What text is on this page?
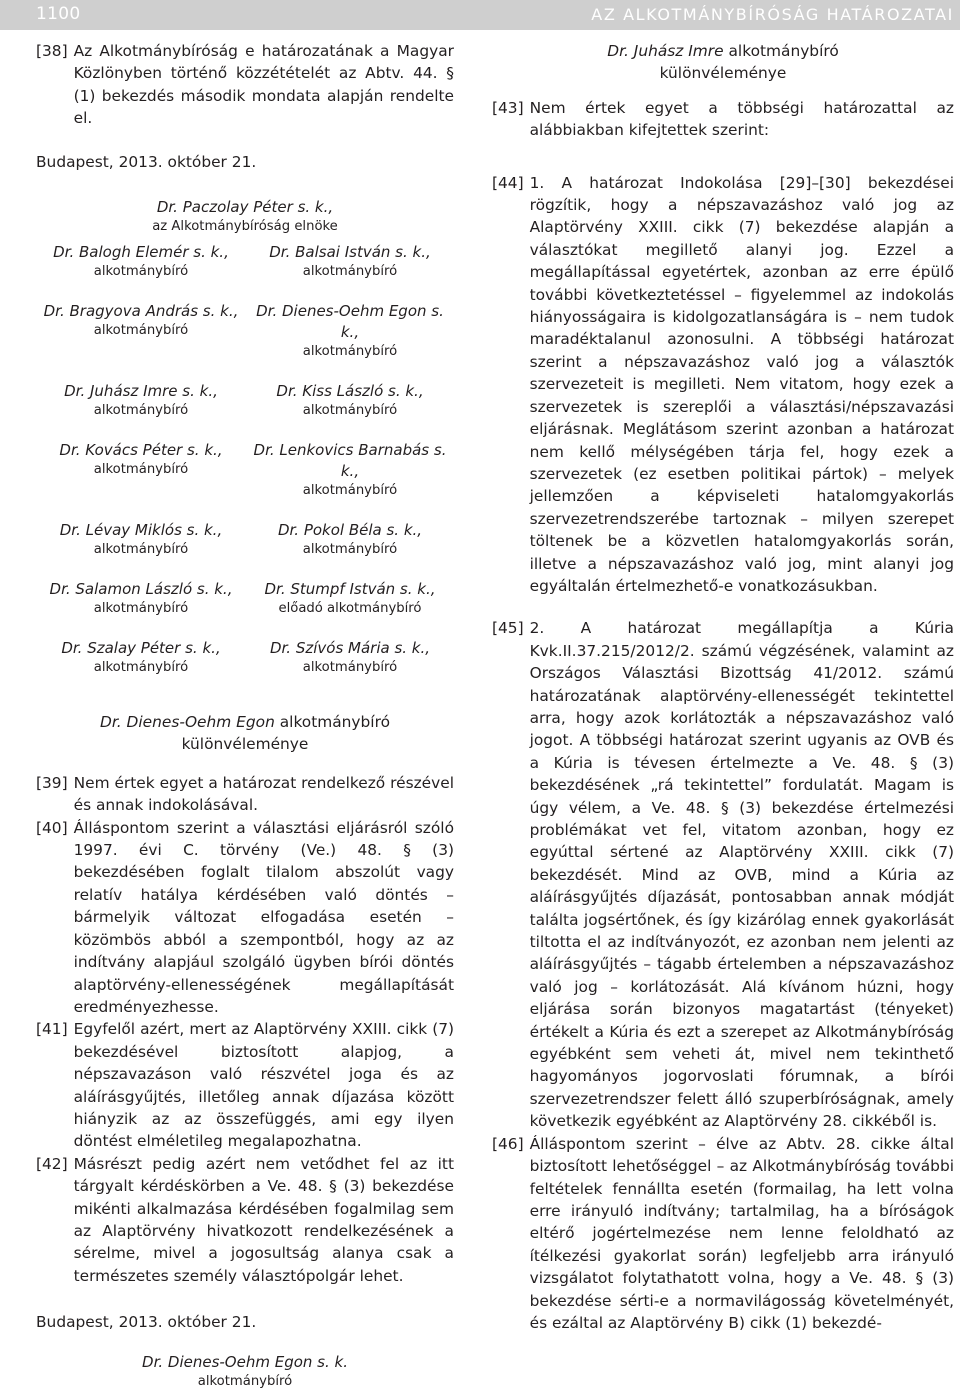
1100	AZ ALKOTMÁNYBÍRÓSÁG HATÁROZATAI
[38] Az Alkotmánybíróság e határozatának a Magyar Közlönyben történő közzétételét az Abtv. 44. § (1) bekezdés második mondata alapján rendelte el.

Budapest, 2013. október 21.

Dr. Paczolay Péter s. k.,
az Alkotmánybíróság elnöke
Dr. Balogh Elemér s. k.,
alkotmánybíró
Dr. Balsai István s. k.,
alkotmánybíró
Dr. Bragyova András s. k.,
alkotmánybíró
Dr. Dienes-Oehm Egon s. k.,
alkotmánybíró
Dr. Juhász Imre s. k.,
alkotmánybíró
Dr. Kiss László s. k.,
alkotmánybíró
Dr. Kovács Péter s. k.,
alkotmánybíró
Dr. Lenkovics Barnabás s. k.,
alkotmánybíró
Dr. Lévay Miklós s. k.,
alkotmánybíró
Dr. Pokol Béla s. k.,
alkotmánybíró
Dr. Salamon László s. k.,
alkotmánybíró
Dr. Stumpf István s. k.,
előadó alkotmánybíró
Dr. Szalay Péter s. k.,
alkotmánybíró
Dr. Szívós Mária s. k.,
alkotmánybíró
Dr. Dienes-Oehm Egon alkotmánybíró
különvéleménye
[39] Nem értek egyet a határozat rendelkező részével és annak indokolásával.
[40] Álláspontom szerint a választási eljárásról szóló 1997. évi C. törvény (Ve.) 48. § (3) bekezdésében foglalt tilalom abszolút vagy relatív hatálya kérdésében való döntés – bármelyik változat elfogadása esetén – közömbös abból a szempontból, hogy az az indítvány alapjául szolgáló ügyben bírói döntés alaptörvény-ellenességének megállapítását eredményezhesse.
[41] Egyfelől azért, mert az Alaptörvény XXIII. cikk (7) bekezdésével biztosított alapjog, a népszavazáson való részvétel joga és az aláírásgyűjtés, illetőleg annak díjazása között hiányzik az az összefüggés, ami egy ilyen döntést elméletileg megalapozhatna.
[42] Másrészt pedig azért nem vetődhet fel az itt tárgyalt kérdéskörben a Ve. 48. § (3) bekezdése mikénti alkalmazása kérdésében fogalmilag sem az Alaptörvény hivatkozott rendelkezésének a sérelme, mivel a jogosultság alanya csak a természetes személy választópolgár lehet.

Budapest, 2013. október 21.

Dr. Dienes-Oehm Egon s. k.
alkotmánybíró
Dr. Juhász Imre alkotmánybíró
különvéleménye
[43] Nem értek egyet a többségi határozattal az alábbiakban kifejtettek szerint:
[44] 1. A határozat Indokolása [29]–[30] bekezdései rögzítik, hogy a népszavazáshoz való jog az Alaptörvény XXIII. cikk (7) bekezdése alapján a választókat megillető alanyi jog. Ezzel a megállapítással egyetértek, azonban az erre épülő további következtetéssel – figyelemmel az indokolás hiányosságaira is kidolgozatlanságára is – nem tudok maradéktalanul azonosulni. A többségi határozat szerint a népszavazáshoz való jog a választók szervezeteit is megilleti. Nem vitatom, hogy ezek a szervezetek is szereplői a választási/népszavazási eljárásnak. Meglátásom szerint azonban a határozat nem kellő mélységében tárja fel, hogy ezek a szervezetek (ez esetben politikai pártok) – melyek jellemzően a képviseleti hatalomgyakorlás szervezetrendszerébe tartoznak – milyen szerepet töltenek be a közvetlen hatalomgyakorlás során, illetve a népszavazáshoz való jog, mint alanyi jog egyáltalán értelmezhető-e vonatkozásukban.
[45] 2. A határozat megállapítja a Kúria Kvk.II.37.215/2012/2. számú végzésének, valamint az Országos Választási Bizottság 41/2012. számú határozatának alaptörvény-ellenességét tekintettel arra, hogy azok korlátozták a népszavazáshoz való jogot. A többségi határozat szerint ugyanis az OVB és a Kúria is tévesen értelmezte a Ve. 48. § (3) bekezdésének „rá tekintettel” fordulatát. Magam is úgy vélem, a Ve. 48. § (3) bekezdése értelmezési problémákat vet fel, vitatom azonban, hogy ez egyúttal sértené az Alaptörvény XXIII. cikk (7) bekezdését. Mind az OVB, mind a Kúria az aláírásgyűjtés díjazását, pontosabban annak módját találta jogsértőnek, és így kizárólag ennek gyakorlását tiltotta el az indítványozót, ez azonban nem jelenti az aláírásgyűjtés – tágabb értelemben a népszavazáshoz való jog – korlátozását. Alá kívánom húzni, hogy eljárása során bizonyos magatartást (tényeket) értékelt a Kúria és ezt a szerepet az Alkotmánybíróság egyébként sem veheti át, mivel nem tekinthető hagyományos jogorvoslati fórumnak, a bírói szervezetrendszer felett álló szuperbíróságnak, amely következik egyébként az Alaptörvény 28. cikkéből is.
[46] Álláspontom szerint – élve az Abtv. 28. cikke által biztosított lehetőséggel – az Alkotmánybíróság további feltételek fennállta esetén (formailag, ha lett volna erre irányuló indítvány; tartalmilag, ha a bíróságok eltérő jogértelmezése nem lenne feloldható az ítélkezési gyakorlat során) legfeljebb arra irányuló vizsgálatot folytathatott volna, hogy a Ve. 48. § (3) bekezdése sérti-e a normavilágosság követelményét, és ezáltal az Alaptörvény B) cikk (1) bekezdé-
